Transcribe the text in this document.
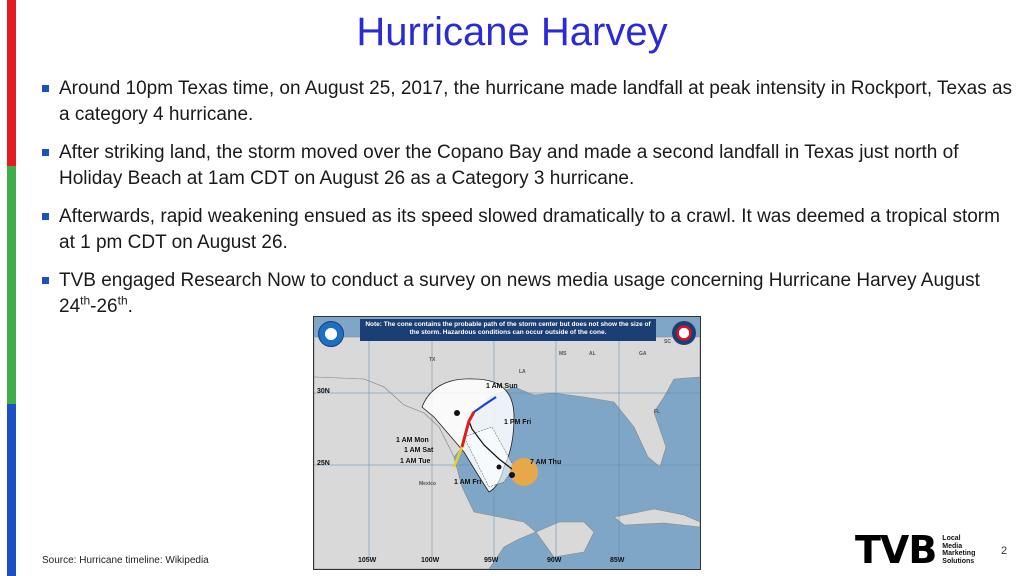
Hurricane Harvey
Around 10pm Texas time, on August 25, 2017, the hurricane made landfall at peak intensity in Rockport, Texas as a category 4 hurricane.
After striking land, the storm moved over the Copano Bay and made a second landfall in Texas just north of Holiday Beach at 1am CDT on August 26 as a Category 3 hurricane.
Afterwards, rapid weakening ensued as its speed slowed dramatically to a crawl. It was deemed a tropical storm at 1 pm CDT on August 26.
TVB engaged Research Now to conduct a survey on news media usage concerning Hurricane Harvey August 24th-26th.
Note: The cone contains the probable path of the storm center but does not show the size of the storm. Hazardous conditions can occur outside of the cone.
1 AM Sun
1 PM Fri
1 AM Mon
1 AM Sat
1 AM Tue	7 AM Thu
1 AM Fri
30N
25N
105W	100W	95W	90W	85W
Mexico
TX
LA
MS	AL	GA
FL
SC
Source: Hurricane timeline: Wikipedia	TVB Local
Media
Marketing
Solutions
2
